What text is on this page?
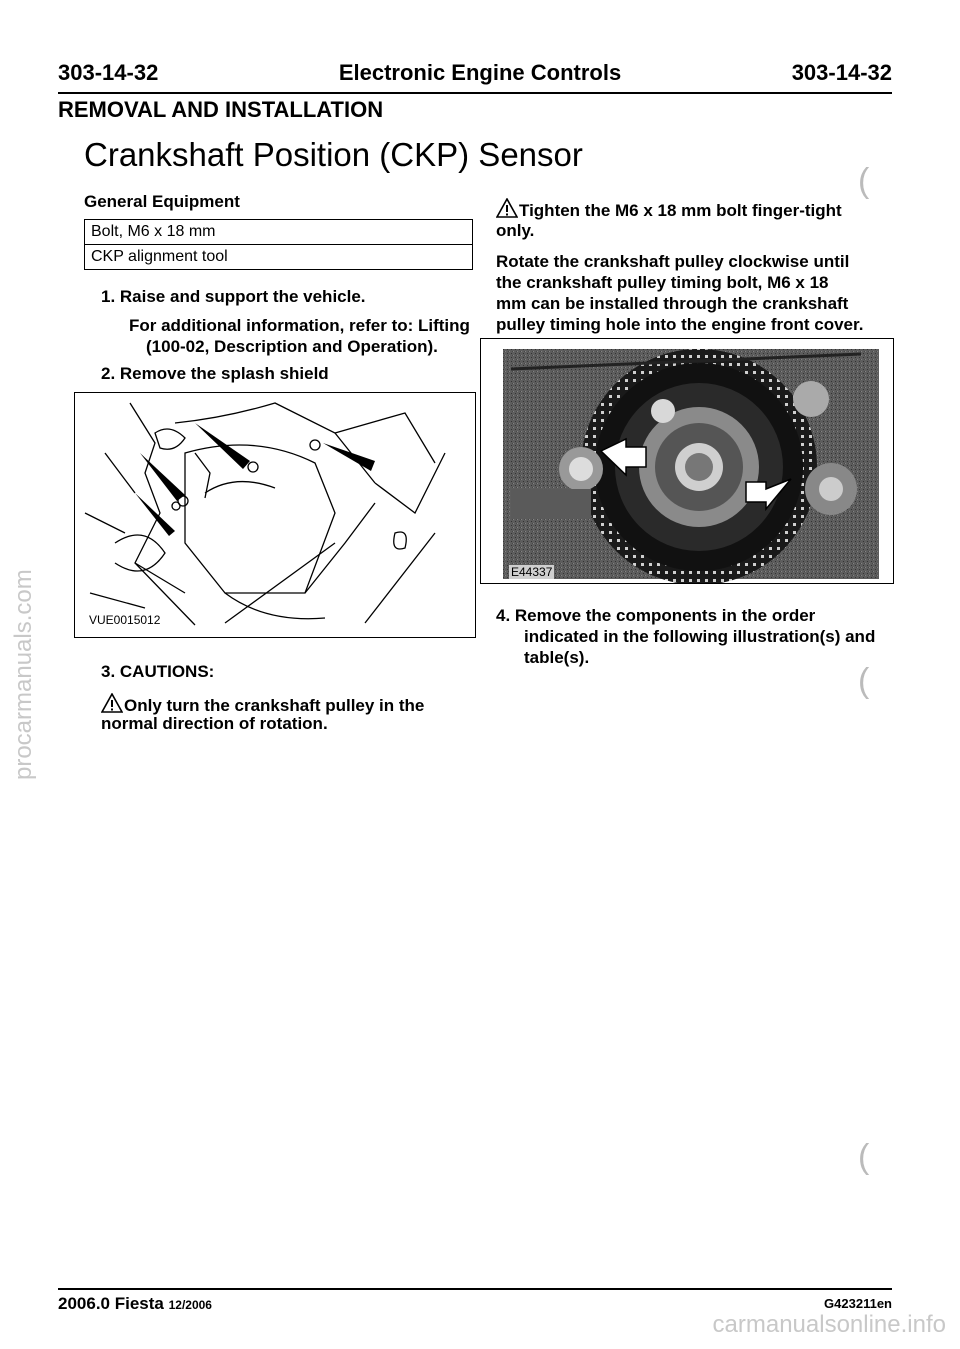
303-14-32	Electronic Engine Controls	303-14-32
REMOVAL AND INSTALLATION
Crankshaft Position (CKP) Sensor
General Equipment
Bolt, M6 x 18 mm
CKP alignment tool
1. Raise and support the vehicle.
For additional information, refer to: Lifting
(100-02, Description and Operation).
2. Remove the splash shield
VUE0015012
3. CAUTIONS:
Only turn the crankshaft pulley in the
normal direction of rotation.
Tighten the M6 x 18 mm bolt finger-tight
only.
Rotate the crankshaft pulley clockwise until
the crankshaft pulley timing bolt, M6 x 18
mm can be installed through the crankshaft
pulley timing hole into the engine front cover.
E44337
4. Remove the components in the order
indicated in the following illustration(s) and
table(s).
(
(
(
2006.0 Fiesta 12/2006	G423211en
procarmanuals.com
carmanualsonline.info
